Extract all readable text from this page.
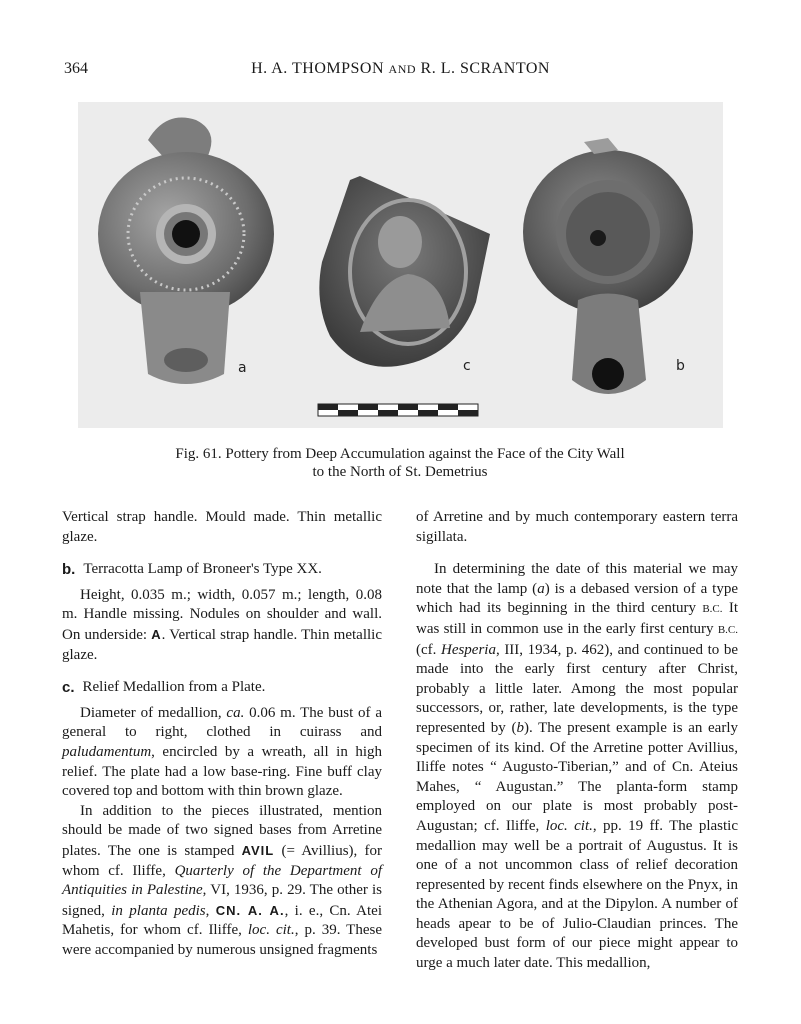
364	H. A. THOMPSON AND R. L. SCRANTON
a	c	b
Fig. 61. Pottery from Deep Accumulation against the Face of the City Wall
to the North of St. Demetrius

Vertical strap handle. Mould made. Thin metallic glaze.

b. Terracotta Lamp of Broneer's Type XX.

Height, 0.035 m.; width, 0.057 m.; length, 0.08 m. Handle missing. Nodules on shoulder and wall. On underside: A. Vertical strap handle. Thin metallic glaze.

c. Relief Medallion from a Plate.

Diameter of medallion, ca. 0.06 m. The bust of a general to right, clothed in cuirass and paludamentum, encircled by a wreath, all in high relief. The plate had a low base-ring. Fine buff clay covered top and bottom with thin brown glaze.

In addition to the pieces illustrated, mention should be made of two signed bases from Arretine plates. The one is stamped AVIL (= Avillius), for whom cf. Iliffe, Quarterly of the Department of Antiquities in Palestine, VI, 1936, p. 29. The other is signed, in planta pedis, CN. A. A., i. e., Cn. Atei Mahetis, for whom cf. Iliffe, loc. cit., p. 39. These were accompanied by numerous unsigned fragments

of Arretine and by much contemporary eastern terra sigillata.

In determining the date of this material we may note that the lamp (a) is a debased version of a type which had its beginning in the third century B.C. It was still in common use in the early first century B.C. (cf. Hesperia, III, 1934, p. 462), and continued to be made into the early first century after Christ, probably a little later. Among the most popular successors, or, rather, late developments, is the type represented by (b). The present example is an early specimen of its kind. Of the Arretine potter Avillius, Iliffe notes “ Augusto-Tiberian,” and of Cn. Ateius Mahes, “ Augustan.” The planta-form stamp employed on our plate is most probably post-Augustan; cf. Iliffe, loc. cit., pp. 19 ff. The plastic medallion may well be a portrait of Augustus. It is one of a not uncommon class of relief decoration represented by recent finds elsewhere on the Pnyx, in the Athenian Agora, and at the Dipylon. A number of heads apear to be of Julio-Claudian princes. The developed bust form of our piece might appear to urge a much later date. This medallion,
